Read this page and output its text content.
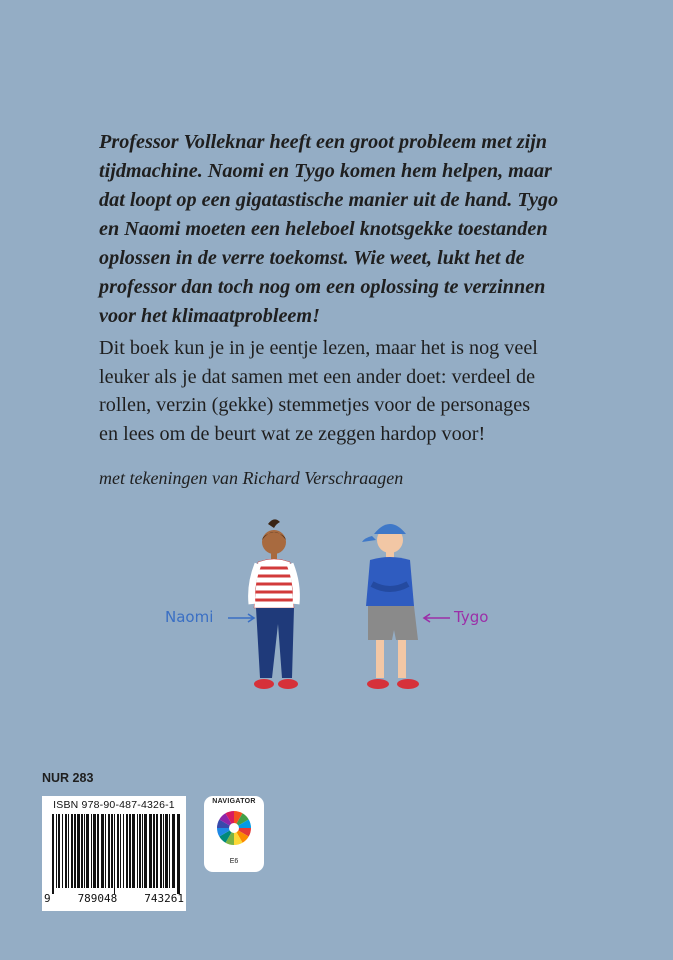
Professor Volleknar heeft een groot probleem met zijn
tijdmachine. Naomi en Tygo komen hem helpen, maar
dat loopt op een gigatastische manier uit de hand. Tygo
en Naomi moeten een heleboel knotsgekke toestanden
oplossen in de verre toekomst. Wie weet, lukt het de
professor dan toch nog om een oplossing te verzinnen
voor het klimaatprobleem!

Dit boek kun je in je eentje lezen, maar het is nog veel
leuker als je dat samen met een ander doet: verdeel de
rollen, verzin (gekke) stemmetjes voor de personages
en lees om de beurt wat ze zeggen hardop voor!

met tekeningen van Richard Verschraagen

Naomi	Tygo
NUR 283
ISBN 978-90-487-4326-1
9 789048 743261
NAVIGATOR
E6
